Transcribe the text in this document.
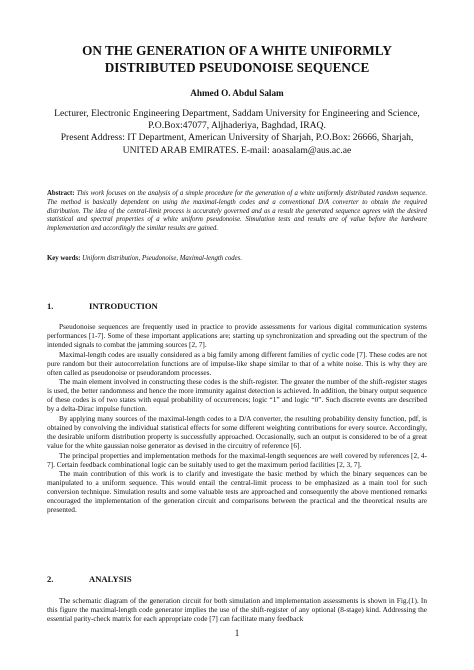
ON THE GENERATION OF A WHITE UNIFORMLY
DISTRIBUTED PSEUDONOISE SEQUENCE
Ahmed O. Abdul Salam
Lecturer, Electronic Engineering Department, Saddam University for Engineering and Science,
P.O.Box:47077, Aljhaderiya, Baghdad, IRAQ.
Present Address: IT Department, American University of Sharjah, P.O.Box: 26666, Sharjah,
UNITED ARAB EMIRATES. E-mail: aoasalam@aus.ac.ae
Abstract: This work focuses on the analysis of a simple procedure for the generation of a white uniformly distributed random sequence. The method is basically dependent on using the maximal-length codes and a conventional D/A converter to obtain the required distribution. The idea of the central-limit process is accurately governed and as a result the generated sequence agrees with the desired statistical and spectral properties of a white uniform pseudonoise. Simulation tests and results are of value before the hardware implementation and accordingly the similar results are gained.
Key words: Uniform distribution, Pseudonoise, Maximal-length codes.
1.	INTRODUCTION

Pseudonoise sequences are frequently used in practice to provide assessments for various digital communication systems performances [1-7]. Some of these important applications are; starting up synchronization and spreading out the spectrum of the intended signals to combat the jamming sources [2, 7].

Maximal-length codes are usually considered as a big family among different families of cyclic code [7]. These codes are not pure random but their autocorrelation functions are of impulse-like shape similar to that of a white noise. This is why they are often called as pseudonoise or pseudorandom processes.

The main element involved in constructing these codes is the shift-register. The greater the number of the shift-register stages is used, the better randomness and hence the more immunity against detection is achieved. In addition, the binary output sequence of these codes is of two states with equal probability of occurrences; logic “1” and logic “0”. Such discrete events are described by a delta-Dirac impulse function.

By applying many sources of the maximal-length codes to a D/A converter, the resulting probability density function, pdf, is obtained by convolving the individual statistical effects for some different weighting contributions for every source. Accordingly, the desirable uniform distribution property is successfully approached. Occasionally, such an output is considered to be of a great value for the white gaussian noise generator as devised in the circuitry of reference [6].

The principal properties and implementation methods for the maximal-length sequences are well covered by references [2, 4-7]. Certain feedback combinational logic can be suitably used to get the maximum period facilities [2, 3, 7].

The main contribution of this work is to clarify and investigate the basic method by which the binary sequences can be manipulated to a uniform sequence. This would entail the central-limit process to be emphasized as a main tool for such conversion technique. Simulation results and some valuable tests are approached and consequently the above mentioned remarks encouraged the implementation of the generation circuit and comparisons between the practical and the theoretical results are presented.

2.	ANALYSIS

The schematic diagram of the generation circuit for both simulation and implementation assessments is shown in Fig.(1). In this figure the maximal-length code generator implies the use of the shift-register of any optional (8-stage) kind. Addressing the essential parity-check matrix for each appropriate code [7] can facilitate many feedback

1
